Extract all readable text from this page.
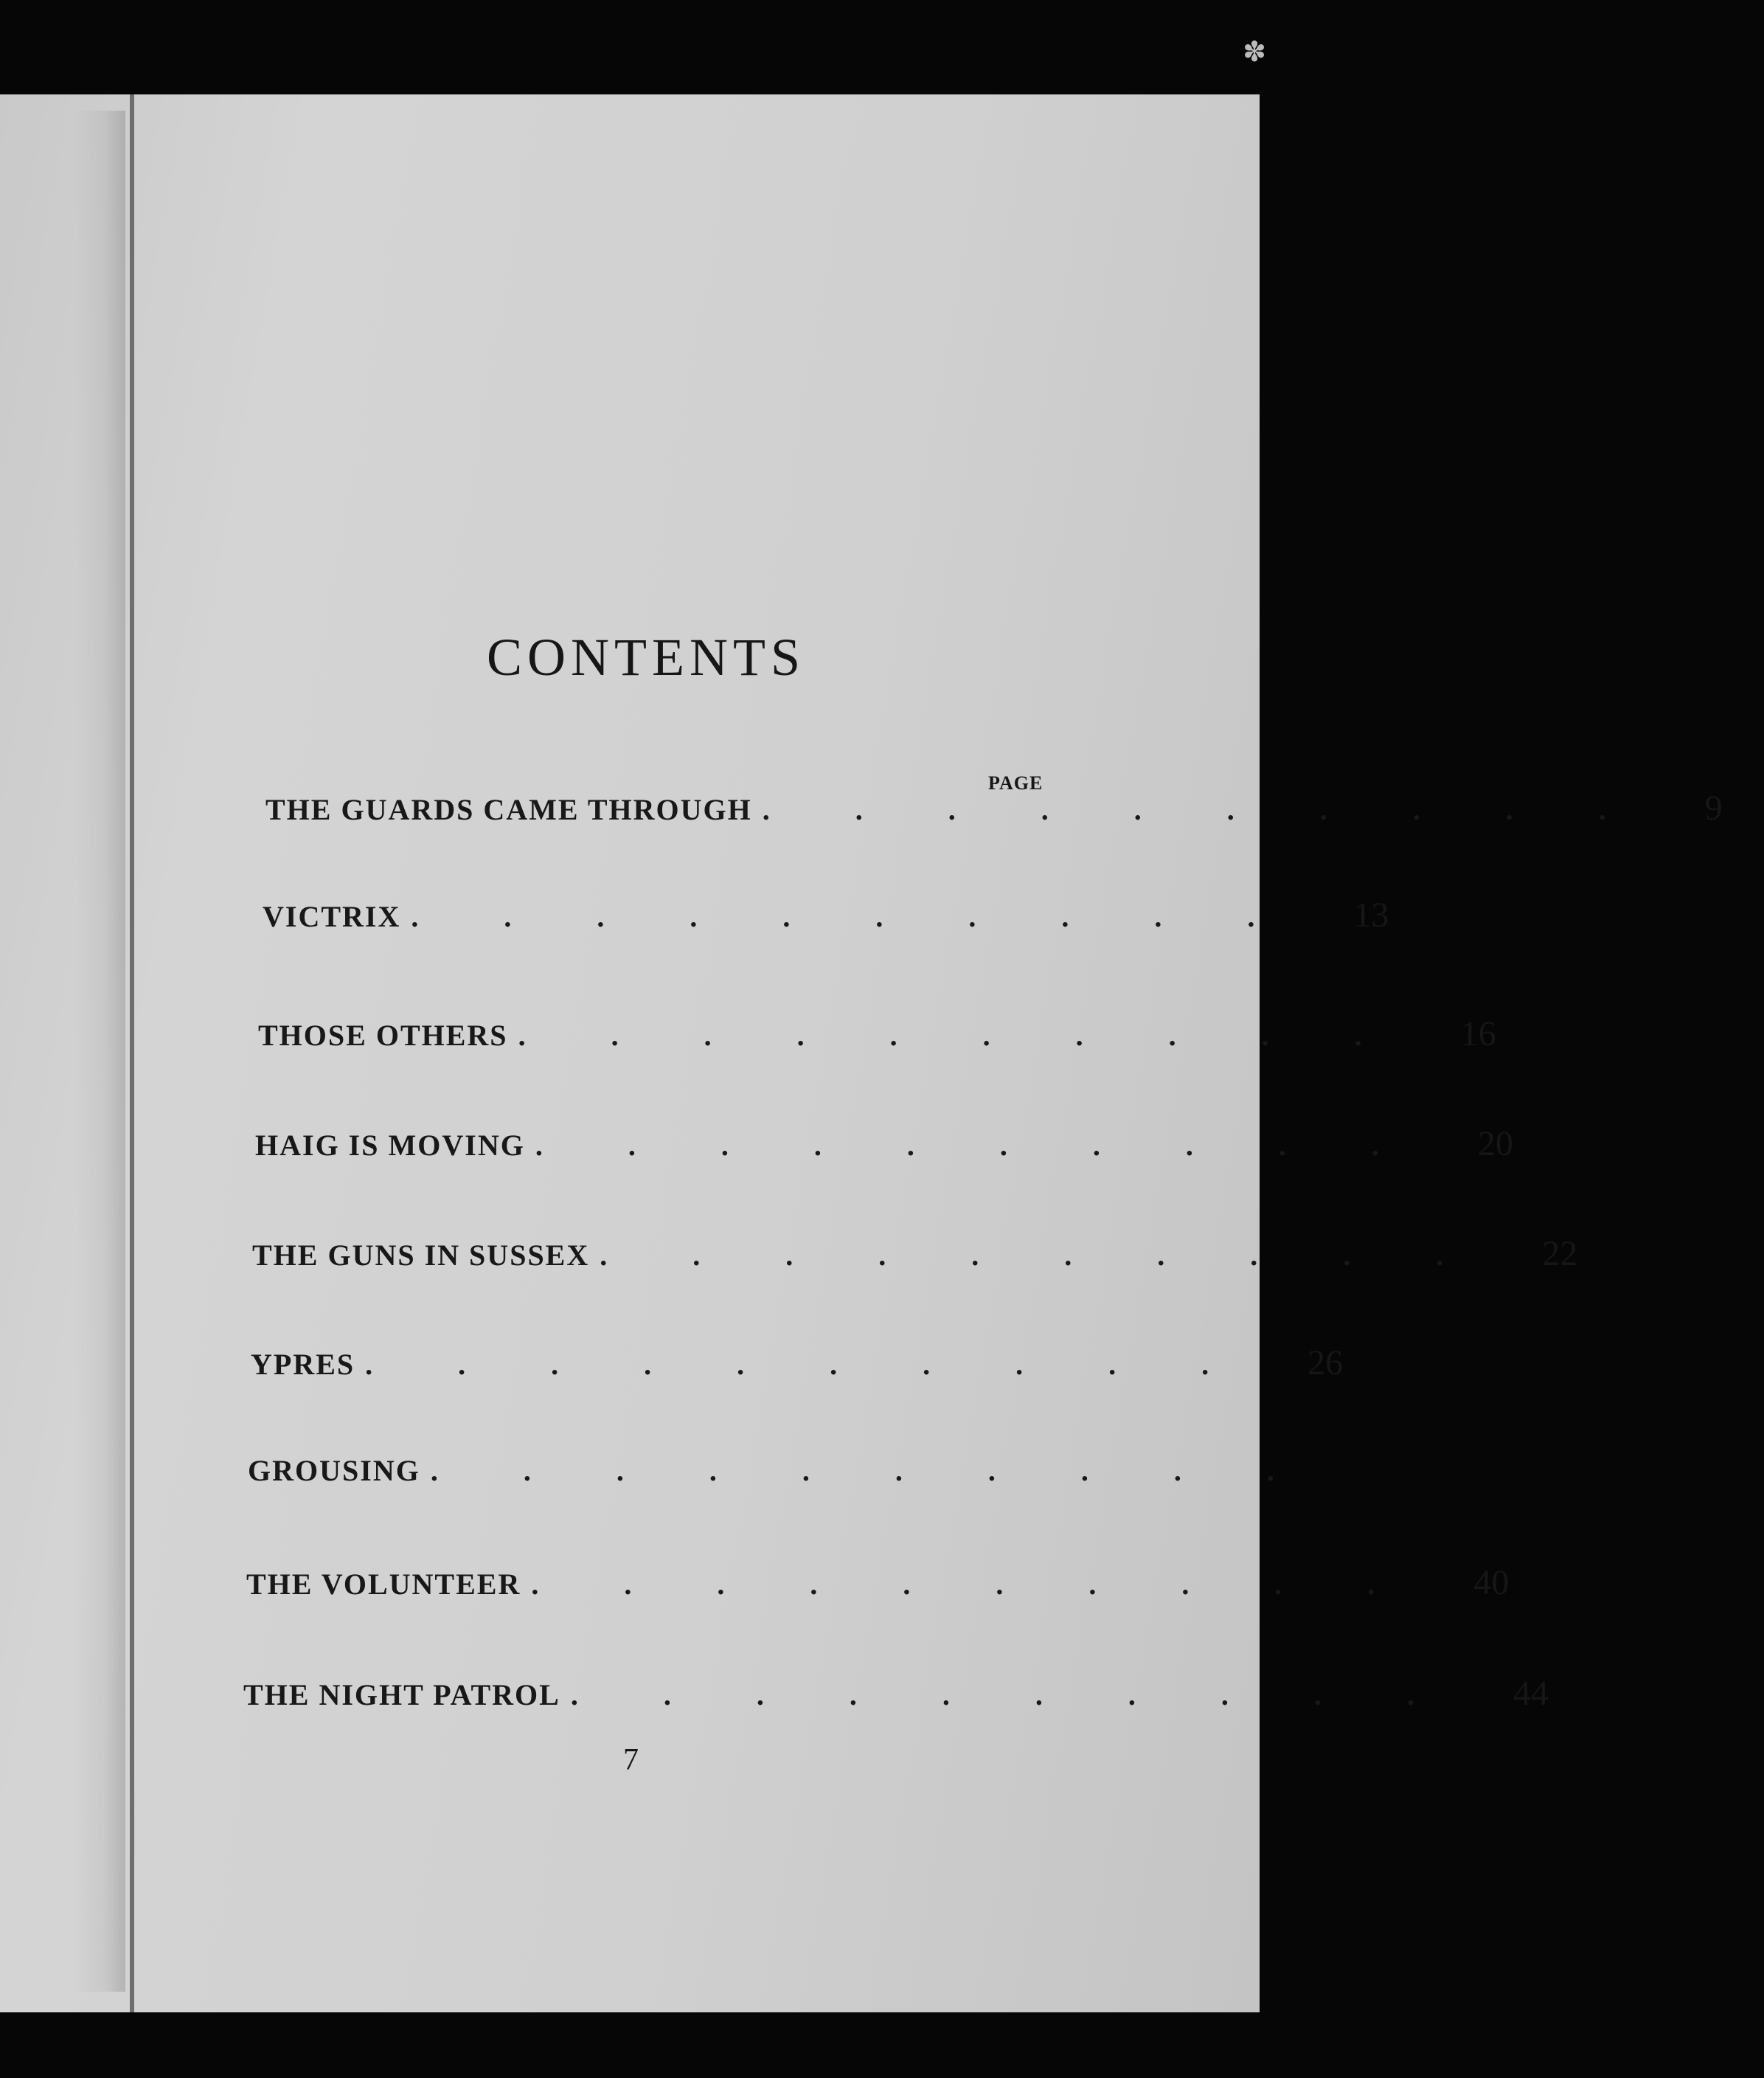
✽
CONTENTS
PAGE
THE GUARDS CAME THROUGH .......... 9
VICTRIX .......... 13
THOSE OTHERS .......... 16
HAIG IS MOVING .......... 20
THE GUNS IN SUSSEX .......... 22
YPRES .......... 26
GROUSING ..........
THE VOLUNTEER .......... 40
THE NIGHT PATROL .......... 44
7
